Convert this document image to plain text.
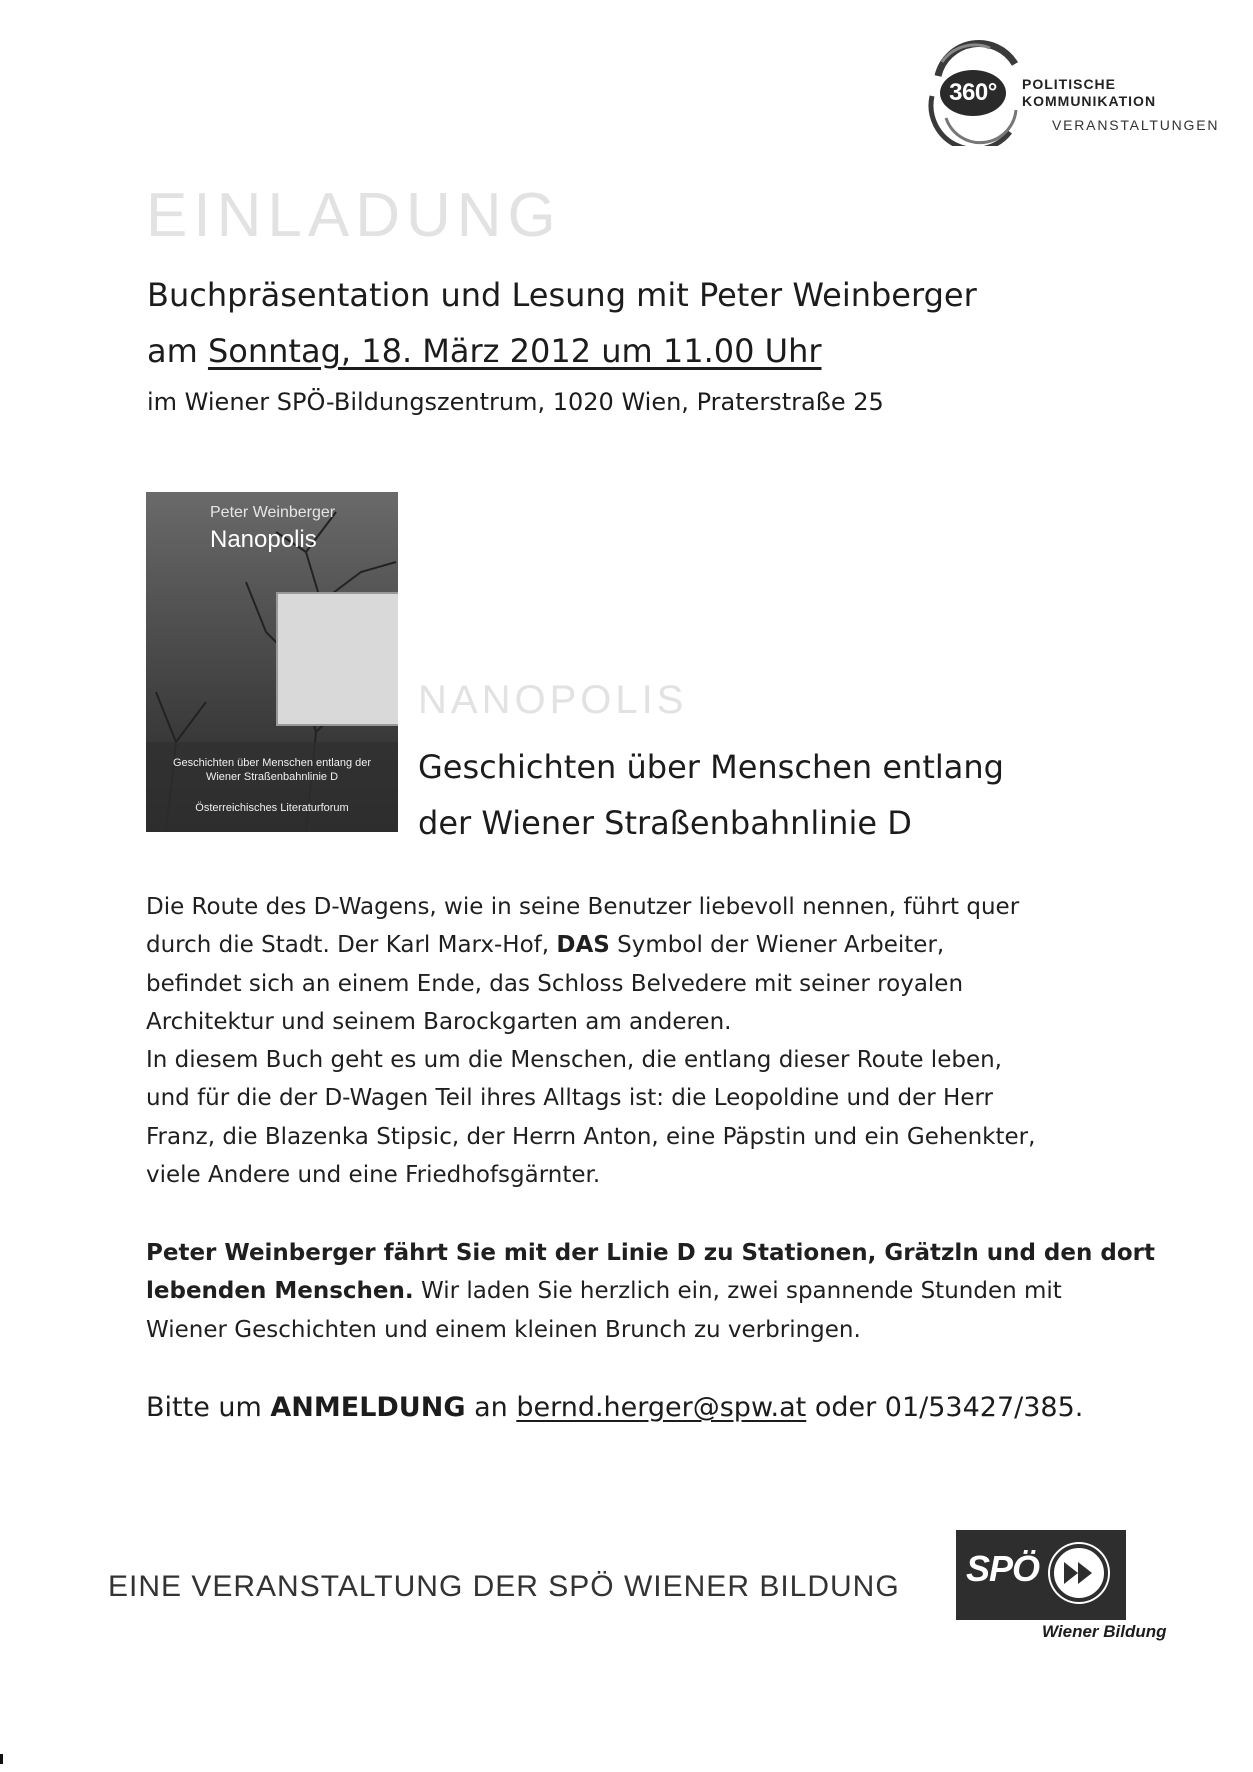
360°	POLITISCHE
KOMMUNIKATION
VERANSTALTUNGEN
EINLADUNG
Buchpräsentation und Lesung mit Peter Weinberger
am Sonntag, 18. März 2012 um 11.00 Uhr
im Wiener SPÖ-Bildungszentrum, 1020 Wien, Praterstraße 25
Peter Weinberger
Nanopolis
Geschichten über Menschen entlang der
Wiener Straßenbahnlinie D
Österreichisches Literaturforum
NANOPOLIS
Geschichten über Menschen entlang
der Wiener Straßenbahnlinie D
Die Route des D-Wagens, wie in seine Benutzer liebevoll nennen, führt quer
durch die Stadt. Der Karl Marx-Hof, DAS Symbol der Wiener Arbeiter,
befindet sich an einem Ende, das Schloss Belvedere mit seiner royalen
Architektur und seinem Barockgarten am anderen.
In diesem Buch geht es um die Menschen, die entlang dieser Route leben,
und für die der D-Wagen Teil ihres Alltags ist: die Leopoldine und der Herr
Franz, die Blazenka Stipsic, der Herrn Anton, eine Päpstin und ein Gehenkter,
viele Andere und eine Friedhofsgärnter.
Peter Weinberger fährt Sie mit der Linie D zu Stationen, Grätzln und den dort
lebenden Menschen. Wir laden Sie herzlich ein, zwei spannende Stunden mit
Wiener Geschichten und einem kleinen Brunch zu verbringen.
Bitte um ANMELDUNG an bernd.herger@spw.at oder 01/53427/385.
EINE VERANSTALTUNG DER SPÖ WIENER BILDUNG SPÖ
Wiener Bildung
